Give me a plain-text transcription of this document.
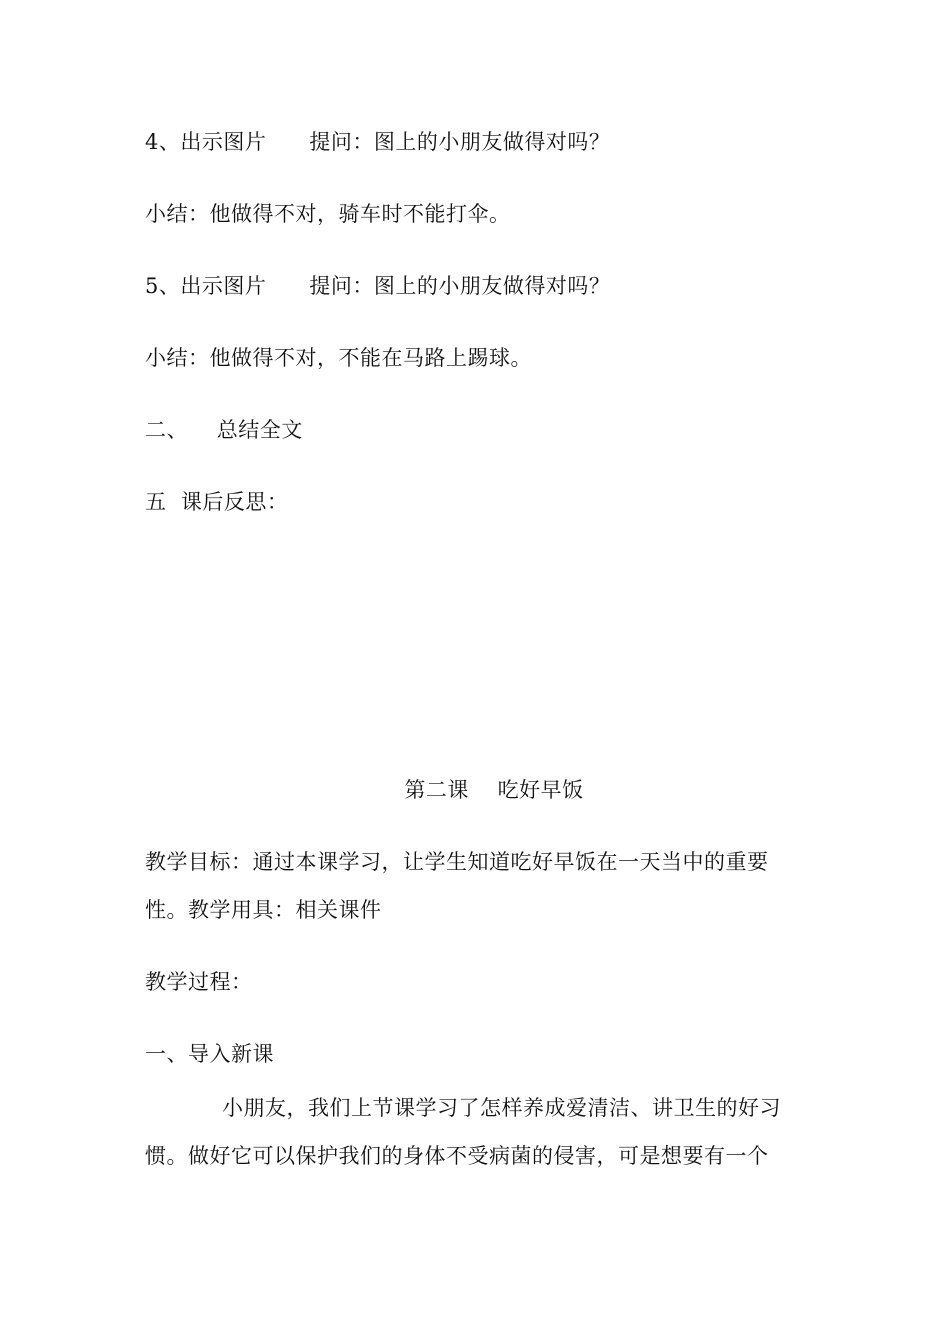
4、出示图片      提问：图上的小朋友做得对吗？
小结：他做得不对，骑车时不能打伞。
5、出示图片      提问：图上的小朋友做得对吗？
小结：他做得不对，不能在马路上踢球。
二、    总结全文
五  课后反思：
第二课    吃好早饭
教学目标：通过本课学习，让学生知道吃好早饭在一天当中的重要
性。教学用具：相关课件
教学过程：
一、导入新课
小朋友，我们上节课学习了怎样养成爱清洁、讲卫生的好习
惯。做好它可以保护我们的身体不受病菌的侵害，可是想要有一个
